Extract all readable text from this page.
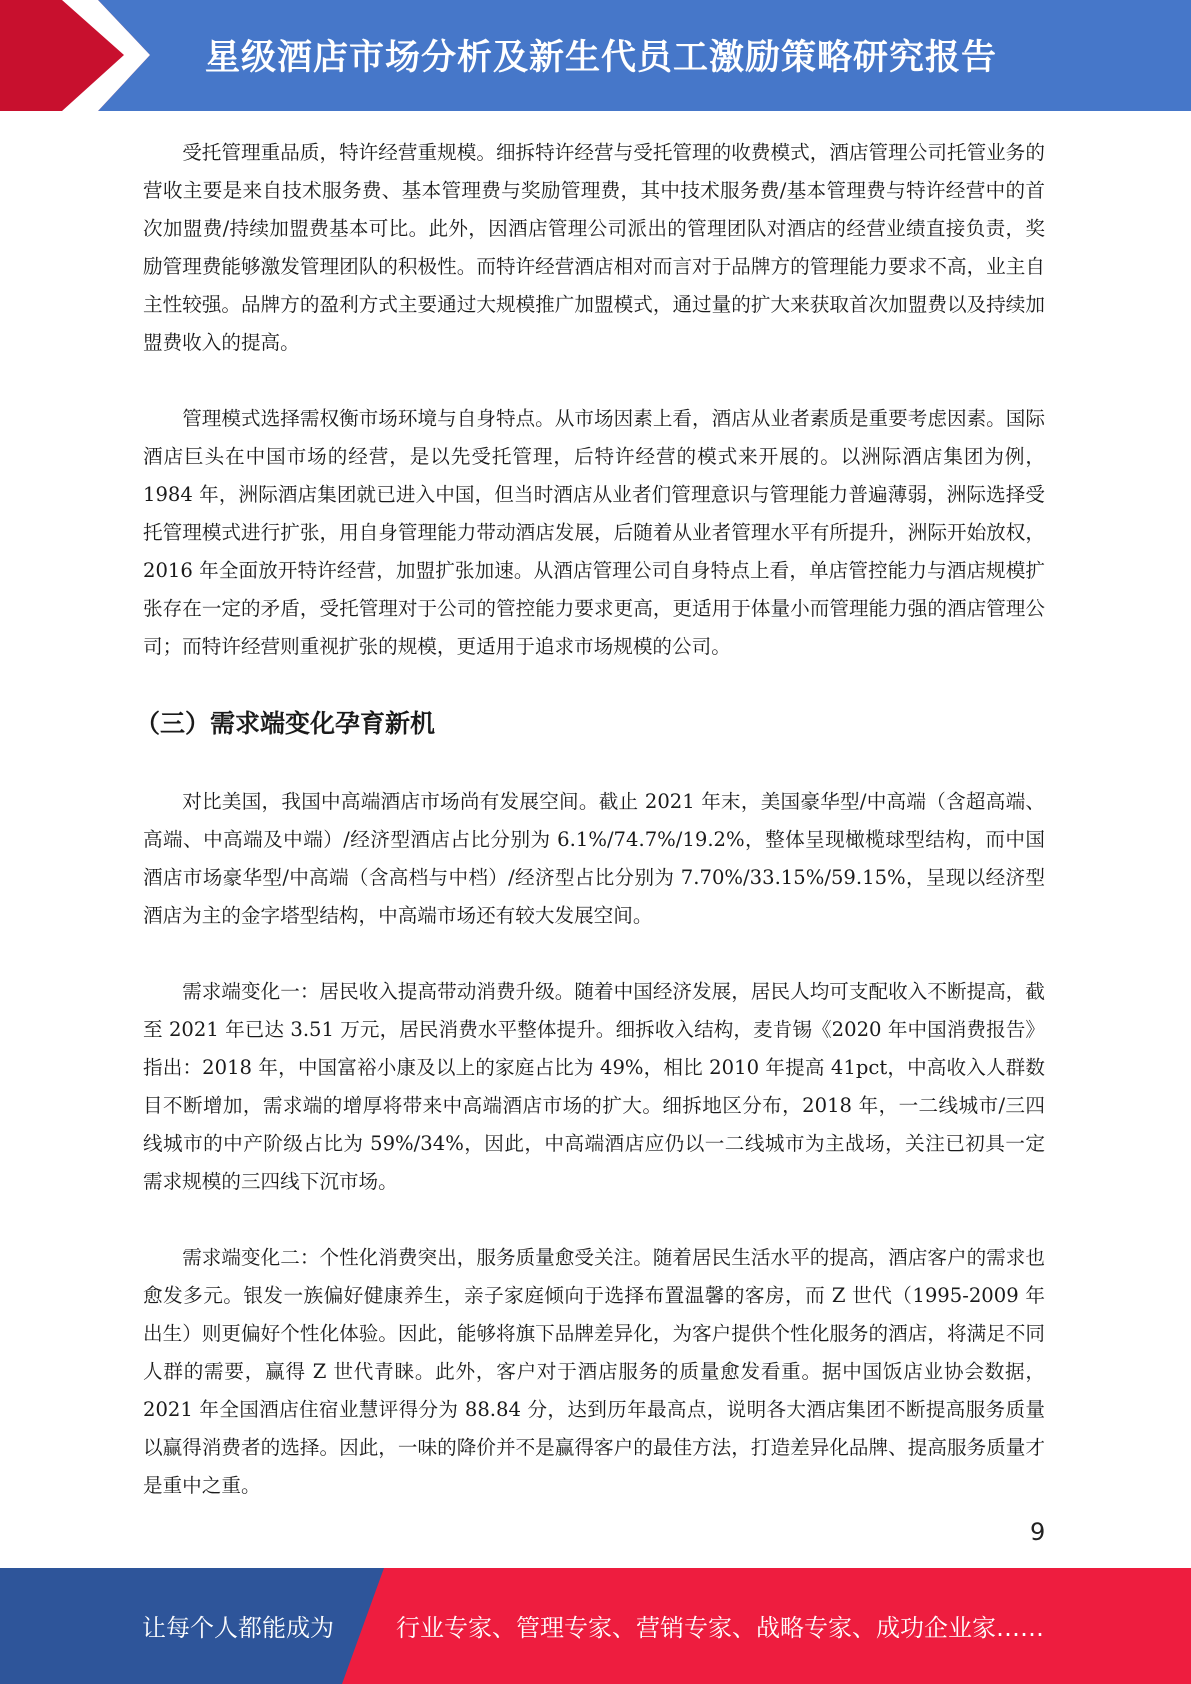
星级酒店市场分析及新生代员工激励策略研究报告

受托管理重品质，特许经营重规模。细拆特许经营与受托管理的收费模式，酒店管理公司托管业务的营收主要是来自技术服务费、基本管理费与奖励管理费，其中技术服务费/基本管理费与特许经营中的首次加盟费/持续加盟费基本可比。此外，因酒店管理公司派出的管理团队对酒店的经营业绩直接负责，奖励管理费能够激发管理团队的积极性。而特许经营酒店相对而言对于品牌方的管理能力要求不高，业主自主性较强。品牌方的盈利方式主要通过大规模推广加盟模式，通过量的扩大来获取首次加盟费以及持续加盟费收入的提高。

管理模式选择需权衡市场环境与自身特点。从市场因素上看，酒店从业者素质是重要考虑因素。国际酒店巨头在中国市场的经营，是以先受托管理，后特许经营的模式来开展的。以洲际酒店集团为例，1984 年，洲际酒店集团就已进入中国，但当时酒店从业者们管理意识与管理能力普遍薄弱，洲际选择受托管理模式进行扩张，用自身管理能力带动酒店发展，后随着从业者管理水平有所提升，洲际开始放权，2016 年全面放开特许经营，加盟扩张加速。从酒店管理公司自身特点上看，单店管控能力与酒店规模扩张存在一定的矛盾，受托管理对于公司的管控能力要求更高，更适用于体量小而管理能力强的酒店管理公司；而特许经营则重视扩张的规模，更适用于追求市场规模的公司。

（三）需求端变化孕育新机

对比美国，我国中高端酒店市场尚有发展空间。截止 2021 年末，美国豪华型/中高端（含超高端、高端、中高端及中端）/经济型酒店占比分别为 6.1%/74.7%/19.2%，整体呈现橄榄球型结构，而中国酒店市场豪华型/中高端（含高档与中档）/经济型占比分别为 7.70%/33.15%/59.15%，呈现以经济型酒店为主的金字塔型结构，中高端市场还有较大发展空间。

需求端变化一：居民收入提高带动消费升级。随着中国经济发展，居民人均可支配收入不断提高，截至 2021 年已达 3.51 万元，居民消费水平整体提升。细拆收入结构，麦肯锡《2020 年中国消费报告》指出：2018 年，中国富裕小康及以上的家庭占比为 49%，相比 2010 年提高 41pct，中高收入人群数目不断增加，需求端的增厚将带来中高端酒店市场的扩大。细拆地区分布，2018 年，一二线城市/三四线城市的中产阶级占比为 59%/34%，因此，中高端酒店应仍以一二线城市为主战场，关注已初具一定需求规模的三四线下沉市场。

需求端变化二：个性化消费突出，服务质量愈受关注。随着居民生活水平的提高，酒店客户的需求也愈发多元。银发一族偏好健康养生，亲子家庭倾向于选择布置温馨的客房，而 Z 世代（1995-2009 年出生）则更偏好个性化体验。因此，能够将旗下品牌差异化，为客户提供个性化服务的酒店，将满足不同人群的需要，赢得 Z 世代青睐。此外，客户对于酒店服务的质量愈发看重。据中国饭店业协会数据，2021 年全国酒店住宿业慧评得分为 88.84 分，达到历年最高点，说明各大酒店集团不断提高服务质量以赢得消费者的选择。因此，一味的降价并不是赢得客户的最佳方法，打造差异化品牌、提高服务质量才是重中之重。

9
让每个人都能成为	行业专家、管理专家、营销专家、战略专家、成功企业家……
